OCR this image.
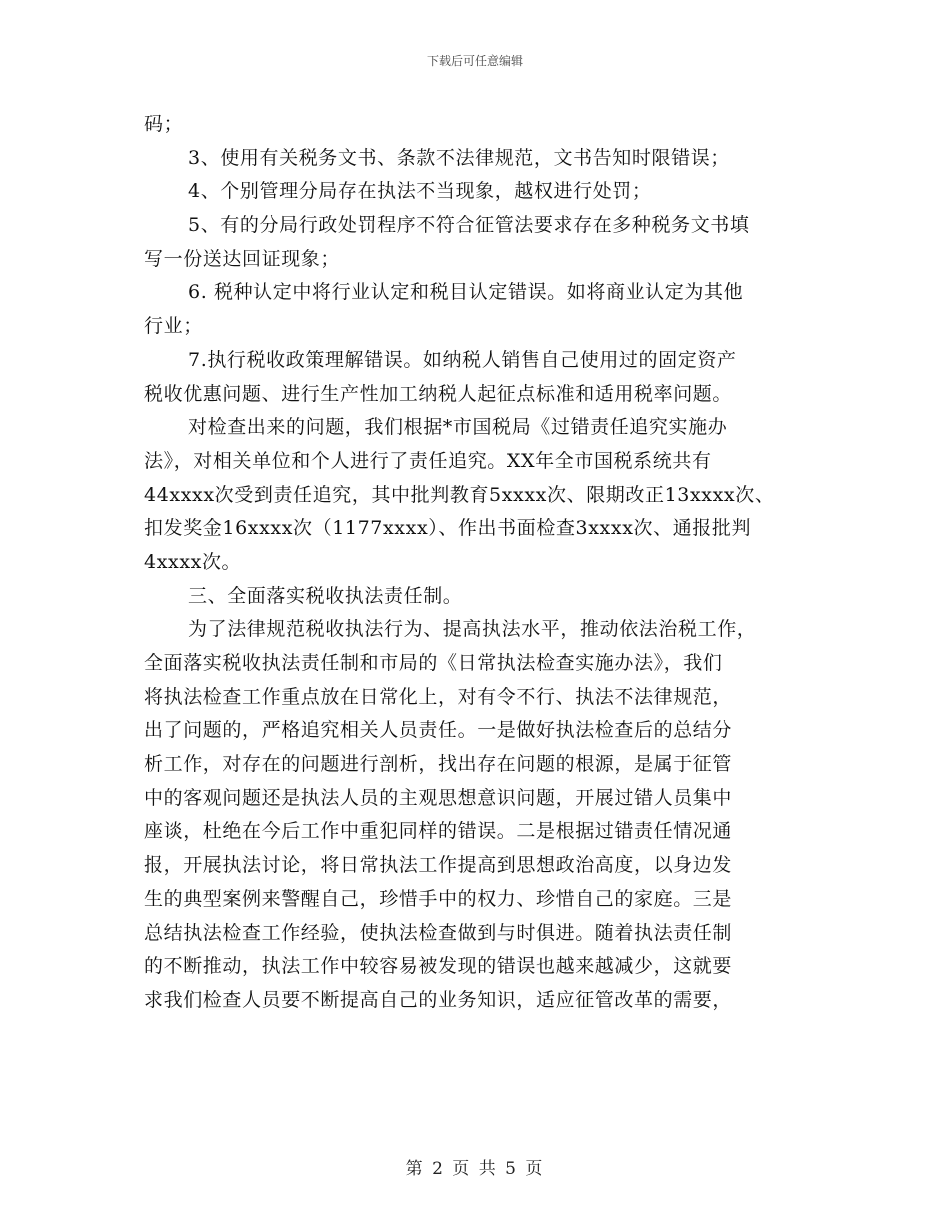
下载后可任意编辑
码；
3、使用有关税务文书、条款不法律规范，文书告知时限错误；
4、个别管理分局存在执法不当现象，越权进行处罚；
5、有的分局行政处罚程序不符合征管法要求存在多种税务文书填
写一份送达回证现象；
6. 税种认定中将行业认定和税目认定错误。如将商业认定为其他
行业；
7.执行税收政策理解错误。如纳税人销售自己使用过的固定资产
税收优惠问题、进行生产性加工纳税人起征点标准和适用税率问题。
对检查出来的问题，我们根据*市国税局《过错责任追究实施办
法》，对相关单位和个人进行了责任追究。XX年全市国税系统共有
44xxxx次受到责任追究，其中批判教育5xxxx次、限期改正13xxxx次、
扣发奖金16xxxx次（1177xxxx）、作出书面检查3xxxx次、通报批判
4xxxx次。
三、全面落实税收执法责任制。
为了法律规范税收执法行为、提高执法水平，推动依法治税工作，
全面落实税收执法责任制和市局的《日常执法检查实施办法》，我们
将执法检查工作重点放在日常化上，对有令不行、执法不法律规范，
出了问题的，严格追究相关人员责任。一是做好执法检查后的总结分
析工作，对存在的问题进行剖析，找出存在问题的根源，是属于征管
中的客观问题还是执法人员的主观思想意识问题，开展过错人员集中
座谈，杜绝在今后工作中重犯同样的错误。二是根据过错责任情况通
报，开展执法讨论，将日常执法工作提高到思想政治高度，以身边发
生的典型案例来警醒自己，珍惜手中的权力、珍惜自己的家庭。三是
总结执法检查工作经验，使执法检查做到与时俱进。随着执法责任制
的不断推动，执法工作中较容易被发现的错误也越来越减少，这就要
求我们检查人员要不断提高自己的业务知识，适应征管改革的需要，
第 2 页 共 5 页
